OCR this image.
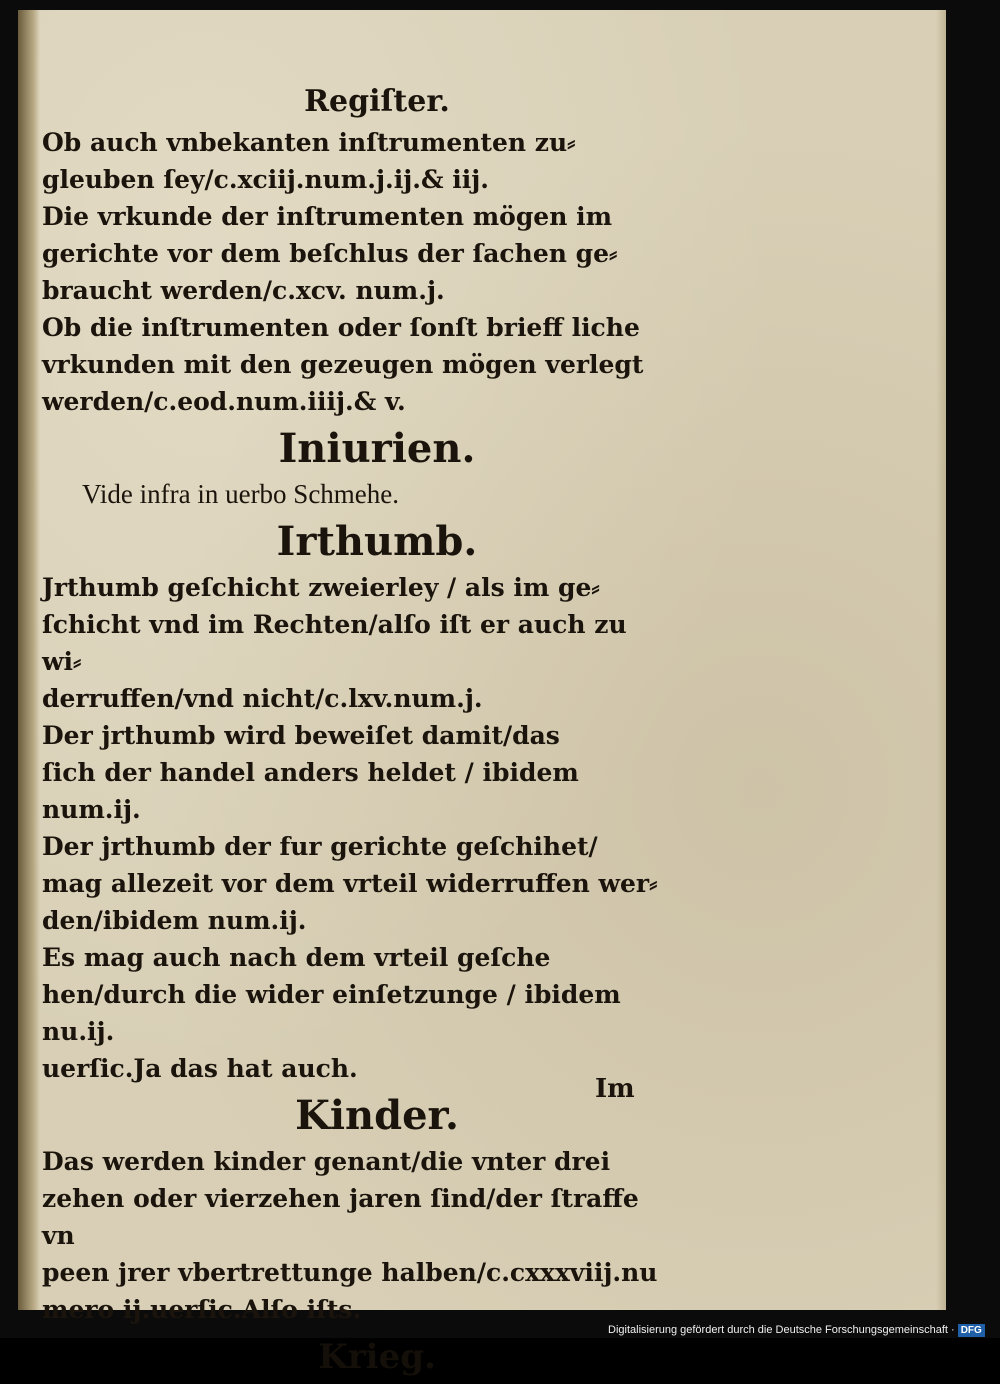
Regiſter.

Ob auch vnbekanten inſtrumenten zu⸗
gleuben ſey/c.xciij.num.j.ij.& iij.

Die vrkunde der inſtrumenten mögen im
gerichte vor dem beſchlus der ſachen ge⸗
braucht werden/c.xcv. num.j.

Ob die inſtrumenten oder ſonſt brieff liche
vrkunden mit den gezeugen mögen verlegt
werden/c.eod.num.iiij.& v.

Iniurien.

Vide infra in uerbo Schmehe.

Irthumb.

Jrthumb geſchicht zweierley / als im ge⸗
ſchicht vnd im Rechten/alſo iſt er auch zu wi⸗
derruffen/vnd nicht/c.lxv.num.j.

Der jrthumb wird beweiſet damit/das
ſich der handel anders heldet / ibidem num.ij.

Der jrthumb der fur gerichte geſchihet/
mag allezeit vor dem vrteil widerruffen wer⸗
den/ibidem num.ij.

Es mag auch nach dem vrteil geſche
hen/durch die wider einſetzunge / ibidem nu.ij.
uerſic.Ja das hat auch.

Kinder.

Das werden kinder genant/die vnter drei
zehen oder vierzehen jaren ſind/der ſtraffe vn
peen jrer vbertrettunge halben/c.cxxxviij.nu
mero ij.uerſic.Alſo iſts.

Krieg.
Im
Digitalisierung gefördert durch die Deutsche Forschungsgemeinschaft · DFG
